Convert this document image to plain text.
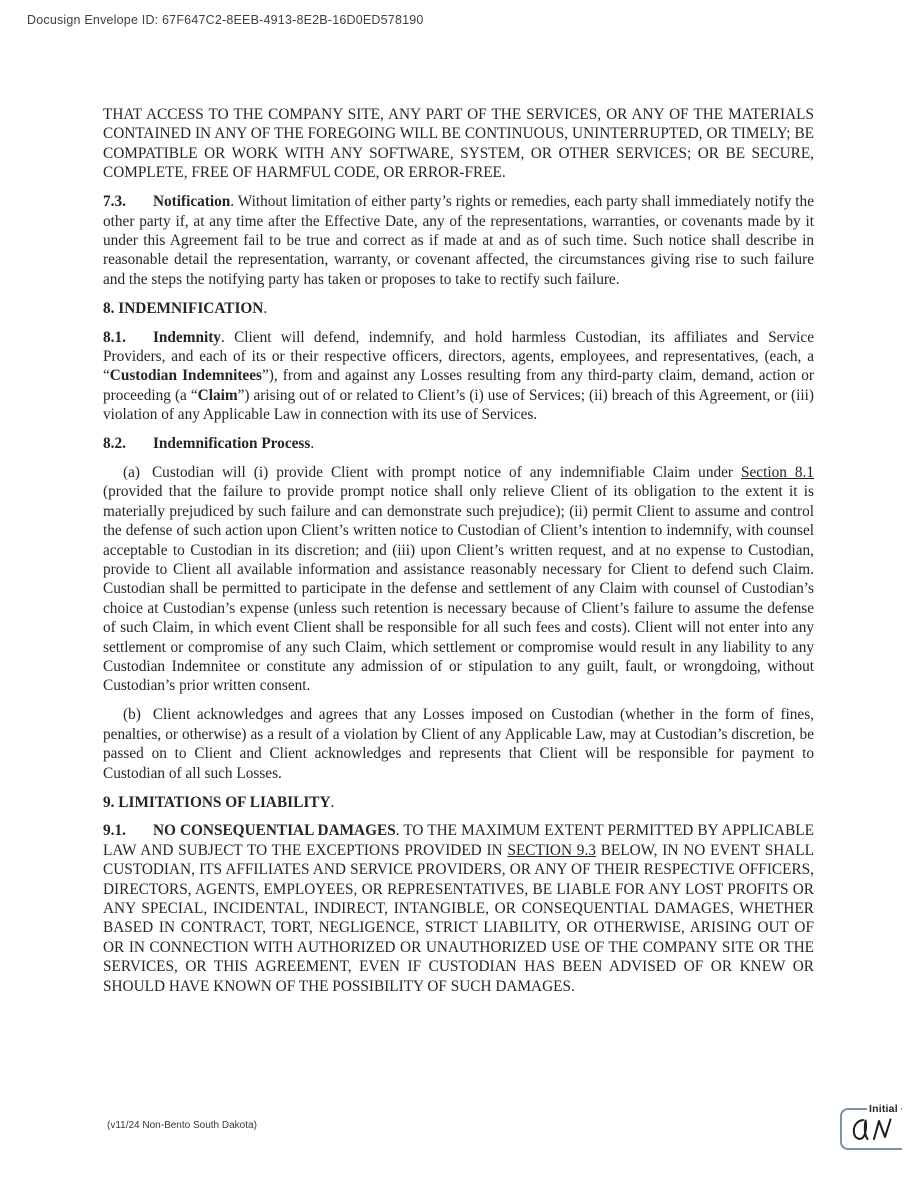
Docusign Envelope ID: 67F647C2-8EEB-4913-8E2B-16D0ED578190

THAT ACCESS TO THE COMPANY SITE, ANY PART OF THE SERVICES, OR ANY OF THE MATERIALS CONTAINED IN ANY OF THE FOREGOING WILL BE CONTINUOUS, UNINTERRUPTED, OR TIMELY; BE COMPATIBLE OR WORK WITH ANY SOFTWARE, SYSTEM, OR OTHER SERVICES; OR BE SECURE, COMPLETE, FREE OF HARMFUL CODE, OR ERROR-FREE.

7.3. Notification. Without limitation of either party’s rights or remedies, each party shall immediately notify the other party if, at any time after the Effective Date, any of the representations, warranties, or covenants made by it under this Agreement fail to be true and correct as if made at and as of such time. Such notice shall describe in reasonable detail the representation, warranty, or covenant affected, the circumstances giving rise to such failure and the steps the notifying party has taken or proposes to take to rectify such failure.

8. INDEMNIFICATION.

8.1. Indemnity. Client will defend, indemnify, and hold harmless Custodian, its affiliates and Service Providers, and each of its or their respective officers, directors, agents, employees, and representatives, (each, a “Custodian Indemnitees”), from and against any Losses resulting from any third-party claim, demand, action or proceeding (a “Claim”) arising out of or related to Client’s (i) use of Services; (ii) breach of this Agreement, or (iii) violation of any Applicable Law in connection with its use of Services.

8.2. Indemnification Process.

(a) Custodian will (i) provide Client with prompt notice of any indemnifiable Claim under Section 8.1 (provided that the failure to provide prompt notice shall only relieve Client of its obligation to the extent it is materially prejudiced by such failure and can demonstrate such prejudice); (ii) permit Client to assume and control the defense of such action upon Client’s written notice to Custodian of Client’s intention to indemnify, with counsel acceptable to Custodian in its discretion; and (iii) upon Client’s written request, and at no expense to Custodian, provide to Client all available information and assistance reasonably necessary for Client to defend such Claim. Custodian shall be permitted to participate in the defense and settlement of any Claim with counsel of Custodian’s choice at Custodian’s expense (unless such retention is necessary because of Client’s failure to assume the defense of such Claim, in which event Client shall be responsible for all such fees and costs). Client will not enter into any settlement or compromise of any such Claim, which settlement or compromise would result in any liability to any Custodian Indemnitee or constitute any admission of or stipulation to any guilt, fault, or wrongdoing, without Custodian’s prior written consent.

(b) Client acknowledges and agrees that any Losses imposed on Custodian (whether in the form of fines, penalties, or otherwise) as a result of a violation by Client of any Applicable Law, may at Custodian’s discretion, be passed on to Client and Client acknowledges and represents that Client will be responsible for payment to Custodian of all such Losses.

9. LIMITATIONS OF LIABILITY.

9.1. NO CONSEQUENTIAL DAMAGES. TO THE MAXIMUM EXTENT PERMITTED BY APPLICABLE LAW AND SUBJECT TO THE EXCEPTIONS PROVIDED IN SECTION 9.3 BELOW, IN NO EVENT SHALL CUSTODIAN, ITS AFFILIATES AND SERVICE PROVIDERS, OR ANY OF THEIR RESPECTIVE OFFICERS, DIRECTORS, AGENTS, EMPLOYEES, OR REPRESENTATIVES, BE LIABLE FOR ANY LOST PROFITS OR ANY SPECIAL, INCIDENTAL, INDIRECT, INTANGIBLE, OR CONSEQUENTIAL DAMAGES, WHETHER BASED IN CONTRACT, TORT, NEGLIGENCE, STRICT LIABILITY, OR OTHERWISE, ARISING OUT OF OR IN CONNECTION WITH AUTHORIZED OR UNAUTHORIZED USE OF THE COMPANY SITE OR THE SERVICES, OR THIS AGREEMENT, EVEN IF CUSTODIAN HAS BEEN ADVISED OF OR KNEW OR SHOULD HAVE KNOWN OF THE POSSIBILITY OF SUCH DAMAGES.

(v11/24 Non-Bento South Dakota)
Initial
